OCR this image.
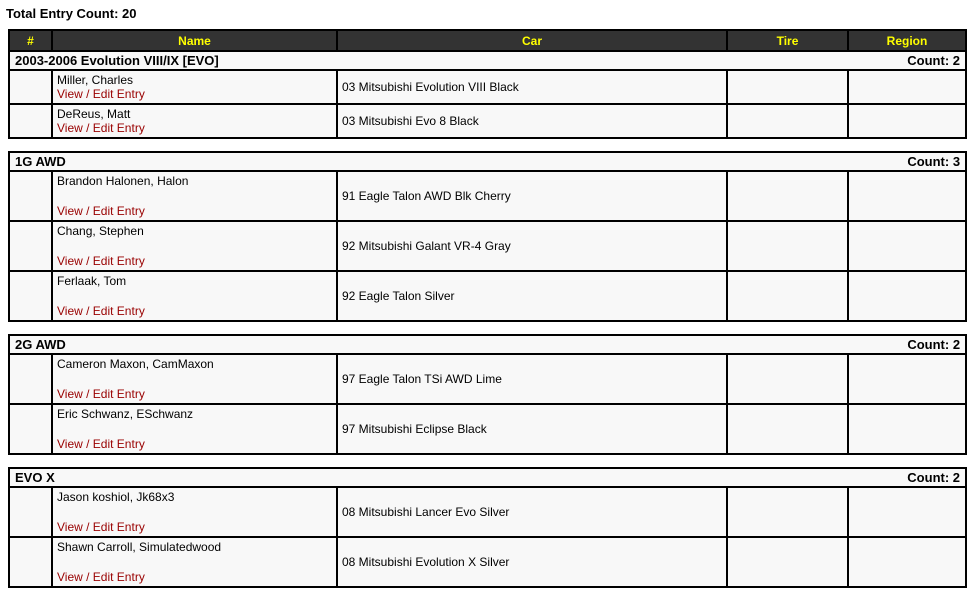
Total Entry Count: 20
#	Name	Car	Tire	Region

2003-2006 Evolution VIII/IX [EVO] Count: 2				

	Miller, Charles
View / Edit Entry	03 Mitsubishi Evolution VIII Black		

	DeReus, Matt
View / Edit Entry	03 Mitsubishi Evo 8 Black		
1G AWD Count: 3				

	Brandon Halonen, Halon
View / Edit Entry	91 Eagle Talon AWD Blk Cherry		

	Chang, Stephen
View / Edit Entry	92 Mitsubishi Galant VR-4 Gray		

	Ferlaak, Tom
View / Edit Entry	92 Eagle Talon Silver		
2G AWD Count: 2				

	Cameron Maxon, CamMaxon
View / Edit Entry	97 Eagle Talon TSi AWD Lime		

	Eric Schwanz, ESchwanz
View / Edit Entry	97 Mitsubishi Eclipse Black		
EVO X Count: 2				

	Jason koshiol, Jk68x3
View / Edit Entry	08 Mitsubishi Lancer Evo Silver		

	Shawn Carroll, Simulatedwood
View / Edit Entry	08 Mitsubishi Evolution X Silver		
